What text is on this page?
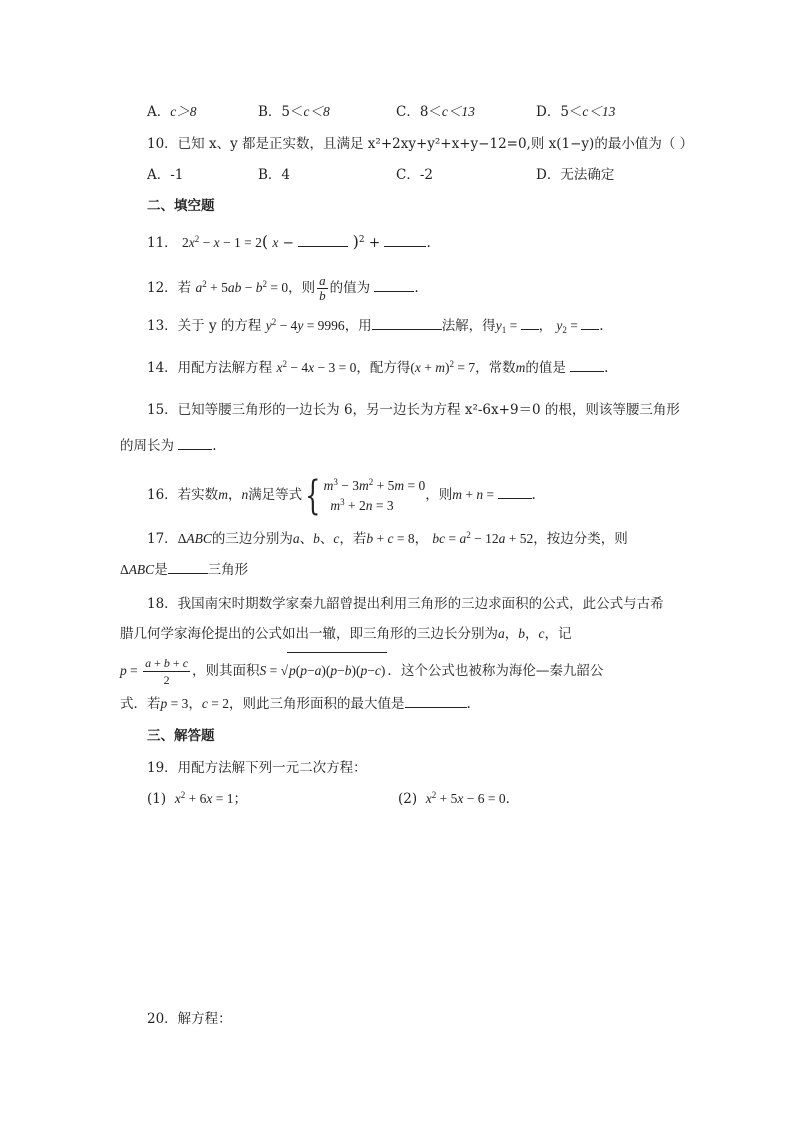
A．c＞8	B．5＜c＜8	C．8＜c＜13	D．5＜c＜13
10．已知 x、y 都是正实数，且满足 x²+2xy+y²+x+y−12=0,则 x(1−y)的最小值为（ ）
A．-1	B．4	C．-2	D．无法确定
二、填空题
11． $2x^2 - x - 1 = 2$( x −	)$^2$ +	.
12．若 $a^2 + 5ab - b^2 = 0$，则 $\frac{a}{b}$ 的值为	.
13．关于 y 的方程 $y^2 - 4y = 9996$，用	法解，得$y_1$ = ， $y_2$ = .
14．用配方法解方程 $x^2 - 4x - 3 = 0$，配方得$(x + m)^2 = 7$，常数m的值是	.
15．已知等腰三角形的一边长为 6，另一边长为方程 x²-6x+9＝0 的根，则该等腰三角形
的周长为	.
16．若实数m，n满足等式{ $m^3 - 3m^2 + 5m = 0$
$m^3 + 2n = 3$
，则m + n =	.
17．ΔABC的三边分别为a、b、c，若b + c = 8， bc = $a^2 - 12a + 52$，按边分类，则
ΔABC是	三角形
18．我国南宋时期数学家秦九韶曾提出利用三角形的三边求面积的公式，此公式与古希
腊几何学家海伦提出的公式如出一辙，即三角形的三边长分别为a，b，c，记
$p = \frac{a + b + c}{2}$ ，则其面积S = √p(p−a)(p−b)(p−c) ．这个公式也被称为海伦—秦九韶公
式．若p = 3，c = 2，则此三角形面积的最大值是	.
三、解答题
19．用配方法解下列一元二次方程：
(1) $x^2 + 6x = 1$；	(2) $x^2 + 5x - 6 = 0$．
20．解方程：
